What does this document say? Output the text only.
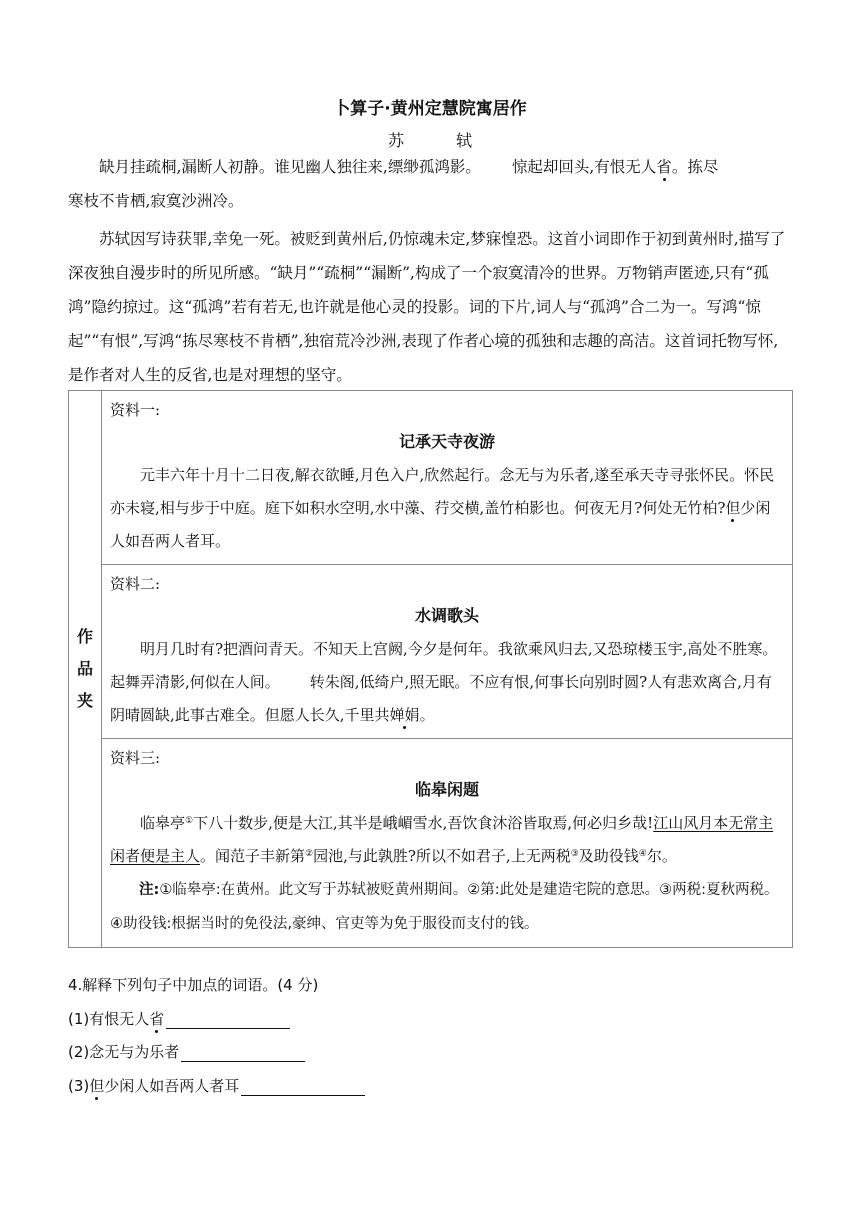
卜算子·黄州定慧院寓居作
苏　轼
缺月挂疏桐,漏断人初静。谁见幽人独往来,缥缈孤鸿影。 惊起却回头,有恨无人省。拣尽
寒枝不肯栖,寂寞沙洲冷。
苏轼因写诗获罪,幸免一死。被贬到黄州后,仍惊魂未定,梦寐惶恐。这首小词即作于初到黄州时,描写了深夜独自漫步时的所见所感。“缺月”“疏桐”“漏断”,构成了一个寂寞清冷的世界。万物销声匿迹,只有“孤鸿”隐约掠过。这“孤鸿”若有若无,也许就是他心灵的投影。词的下片,词人与“孤鸿”合二为一。写鸿“惊起”“有恨”,写鸿“拣尽寒枝不肯栖”,独宿荒冷沙洲,表现了作者心境的孤独和志趣的高洁。这首词托物写怀,是作者对人生的反省,也是对理想的坚守。
作
品
夹

资料一:
记承天寺夜游
元丰六年十月十二日夜,解衣欲睡,月色入户,欣然起行。念无与为乐者,遂至承天寺寻张怀民。怀民亦未寝,相与步于中庭。庭下如积水空明,水中藻、荇交横,盖竹柏影也。何夜无月?何处无竹柏?但少闲人如吾两人者耳。

资料二:
水调歌头
明月几时有?把酒问青天。不知天上宫阙,今夕是何年。我欲乘风归去,又恐琼楼玉宇,高处不胜寒。起舞弄清影,何似在人间。 转朱阁,低绮户,照无眠。不应有恨,何事长向别时圆?人有悲欢离合,月有阴晴圆缺,此事古难全。但愿人长久,千里共婵娟。

资料三:
临皋闲题
临皋亭①下八十数步,便是大江,其半是峨嵋雪水,吾饮食沐浴皆取焉,何必归乡哉!江山风月本无常主闲者便是主人。闻范子丰新第②园池,与此孰胜?所以不如君子,上无两税③及助役钱④尔。
注:①临皋亭:在黄州。此文写于苏轼被贬黄州期间。②第:此处是建造宅院的意思。③两税:夏秋两税。④助役钱:根据当时的免役法,豪绅、官吏等为免于服役而支付的钱。
4.解释下列句子中加点的词语。(4 分)
(1)有恨无人省
(2)念无与为乐者
(3)但少闲人如吾两人者耳
